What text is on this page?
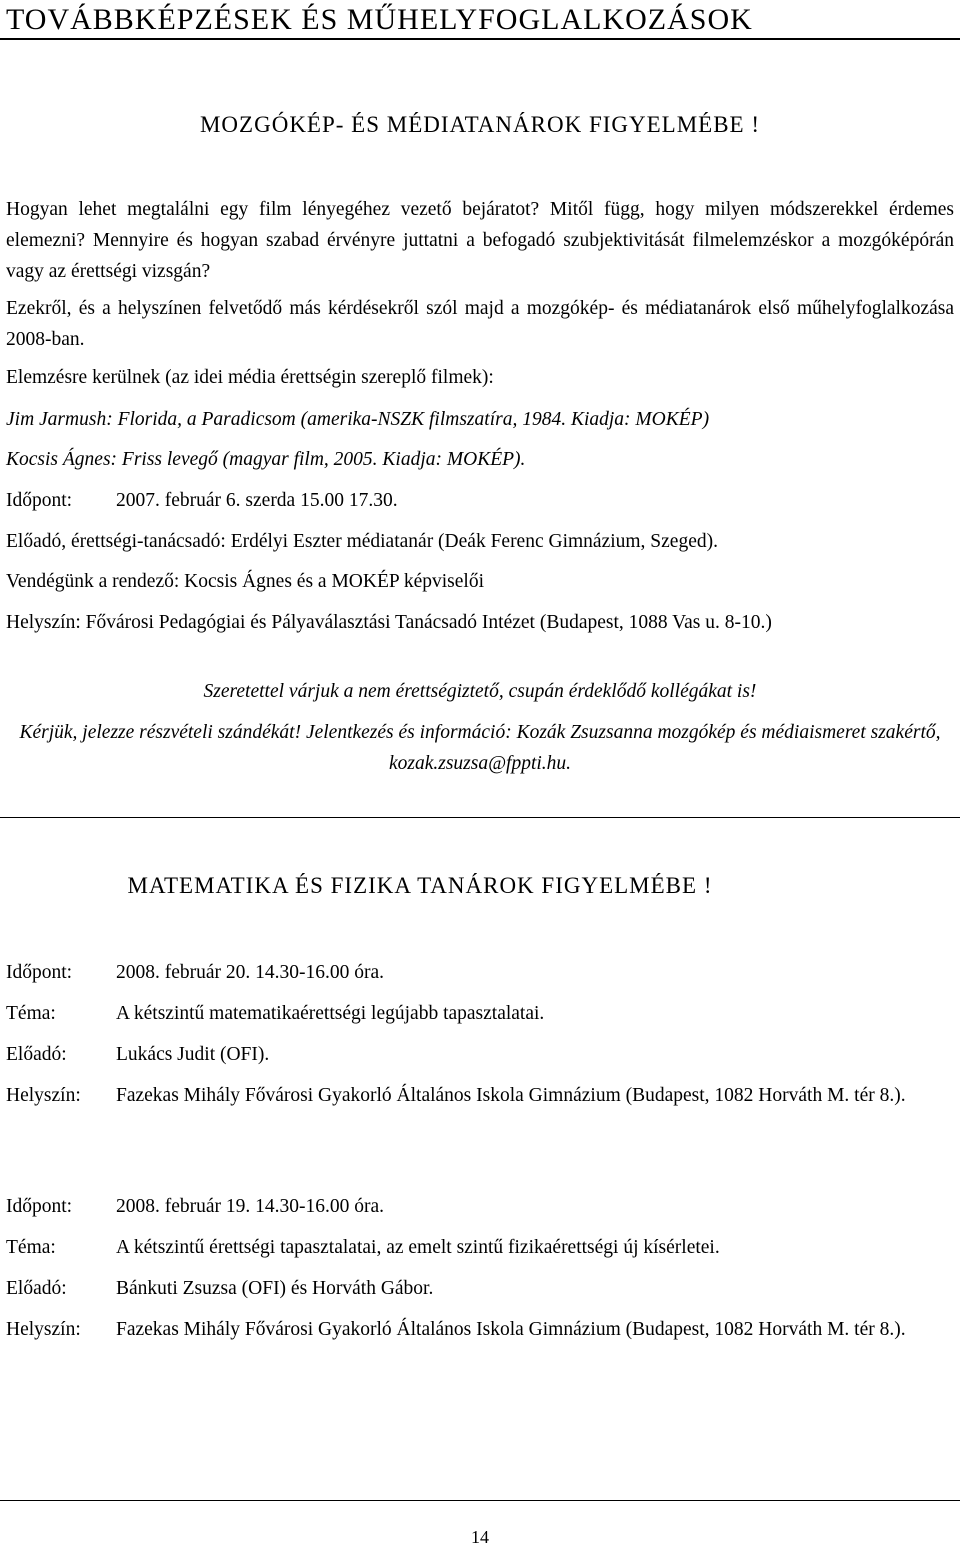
TOVÁBBKÉPZÉSEK ÉS MŰHELYFOGLALKOZÁSOK
MOZGÓKÉP- ÉS MÉDIATANÁROK FIGYELMÉBE !
Hogyan lehet megtalálni egy film lényegéhez vezető bejáratot? Mitől függ, hogy milyen módszerekkel érdemes elemezni? Mennyire és hogyan szabad érvényre juttatni a befogadó szubjektivitását filmelemzéskor a mozgóképórán vagy az érettségi vizsgán?
Ezekről, és a helyszínen felvetődő más kérdésekről szól majd a mozgókép- és médiatanárok első műhelyfoglalkozása 2008-ban.
Elemzésre kerülnek (az idei média érettségin szereplő filmek):
Jim Jarmush: Florida, a Paradicsom (amerika-NSZK filmszatíra, 1984. Kiadja: MOKÉP)
Kocsis Ágnes: Friss levegő (magyar film, 2005. Kiadja: MOKÉP).
Időpont: 2007. február 6. szerda 15.00 17.30.
Előadó, érettségi-tanácsadó: Erdélyi Eszter médiatanár (Deák Ferenc Gimnázium, Szeged).
Vendégünk a rendező: Kocsis Ágnes és a MOKÉP képviselői
Helyszín: Fővárosi Pedagógiai és Pályaválasztási Tanácsadó Intézet (Budapest, 1088 Vas u. 8-10.)
Szeretettel várjuk a nem érettségiztető, csupán érdeklődő kollégákat is!
Kérjük, jelezze részvételi szándékát! Jelentkezés és információ: Kozák Zsuzsanna mozgókép és médiaismeret szakértő, kozak.zsuzsa@fppti.hu.
MATEMATIKA ÉS FIZIKA TANÁROK FIGYELMÉBE !
Időpont: 2008. február 20. 14.30-16.00 óra.
Téma:	A kétszintű matematikaérettségi legújabb tapasztalatai.
Előadó:	Lukács Judit (OFI).
Helyszín: Fazekas Mihály Fővárosi Gyakorló Általános Iskola Gimnázium (Budapest, 1082 Horváth M. tér 8.).
Időpont: 2008. február 19. 14.30-16.00 óra.
Téma:	A kétszintű érettségi tapasztalatai, az emelt szintű fizikaérettségi új kísérletei.
Előadó:	Bánkuti Zsuzsa (OFI) és Horváth Gábor.
Helyszín: Fazekas Mihály Fővárosi Gyakorló Általános Iskola Gimnázium (Budapest, 1082 Horváth M. tér 8.).
14
